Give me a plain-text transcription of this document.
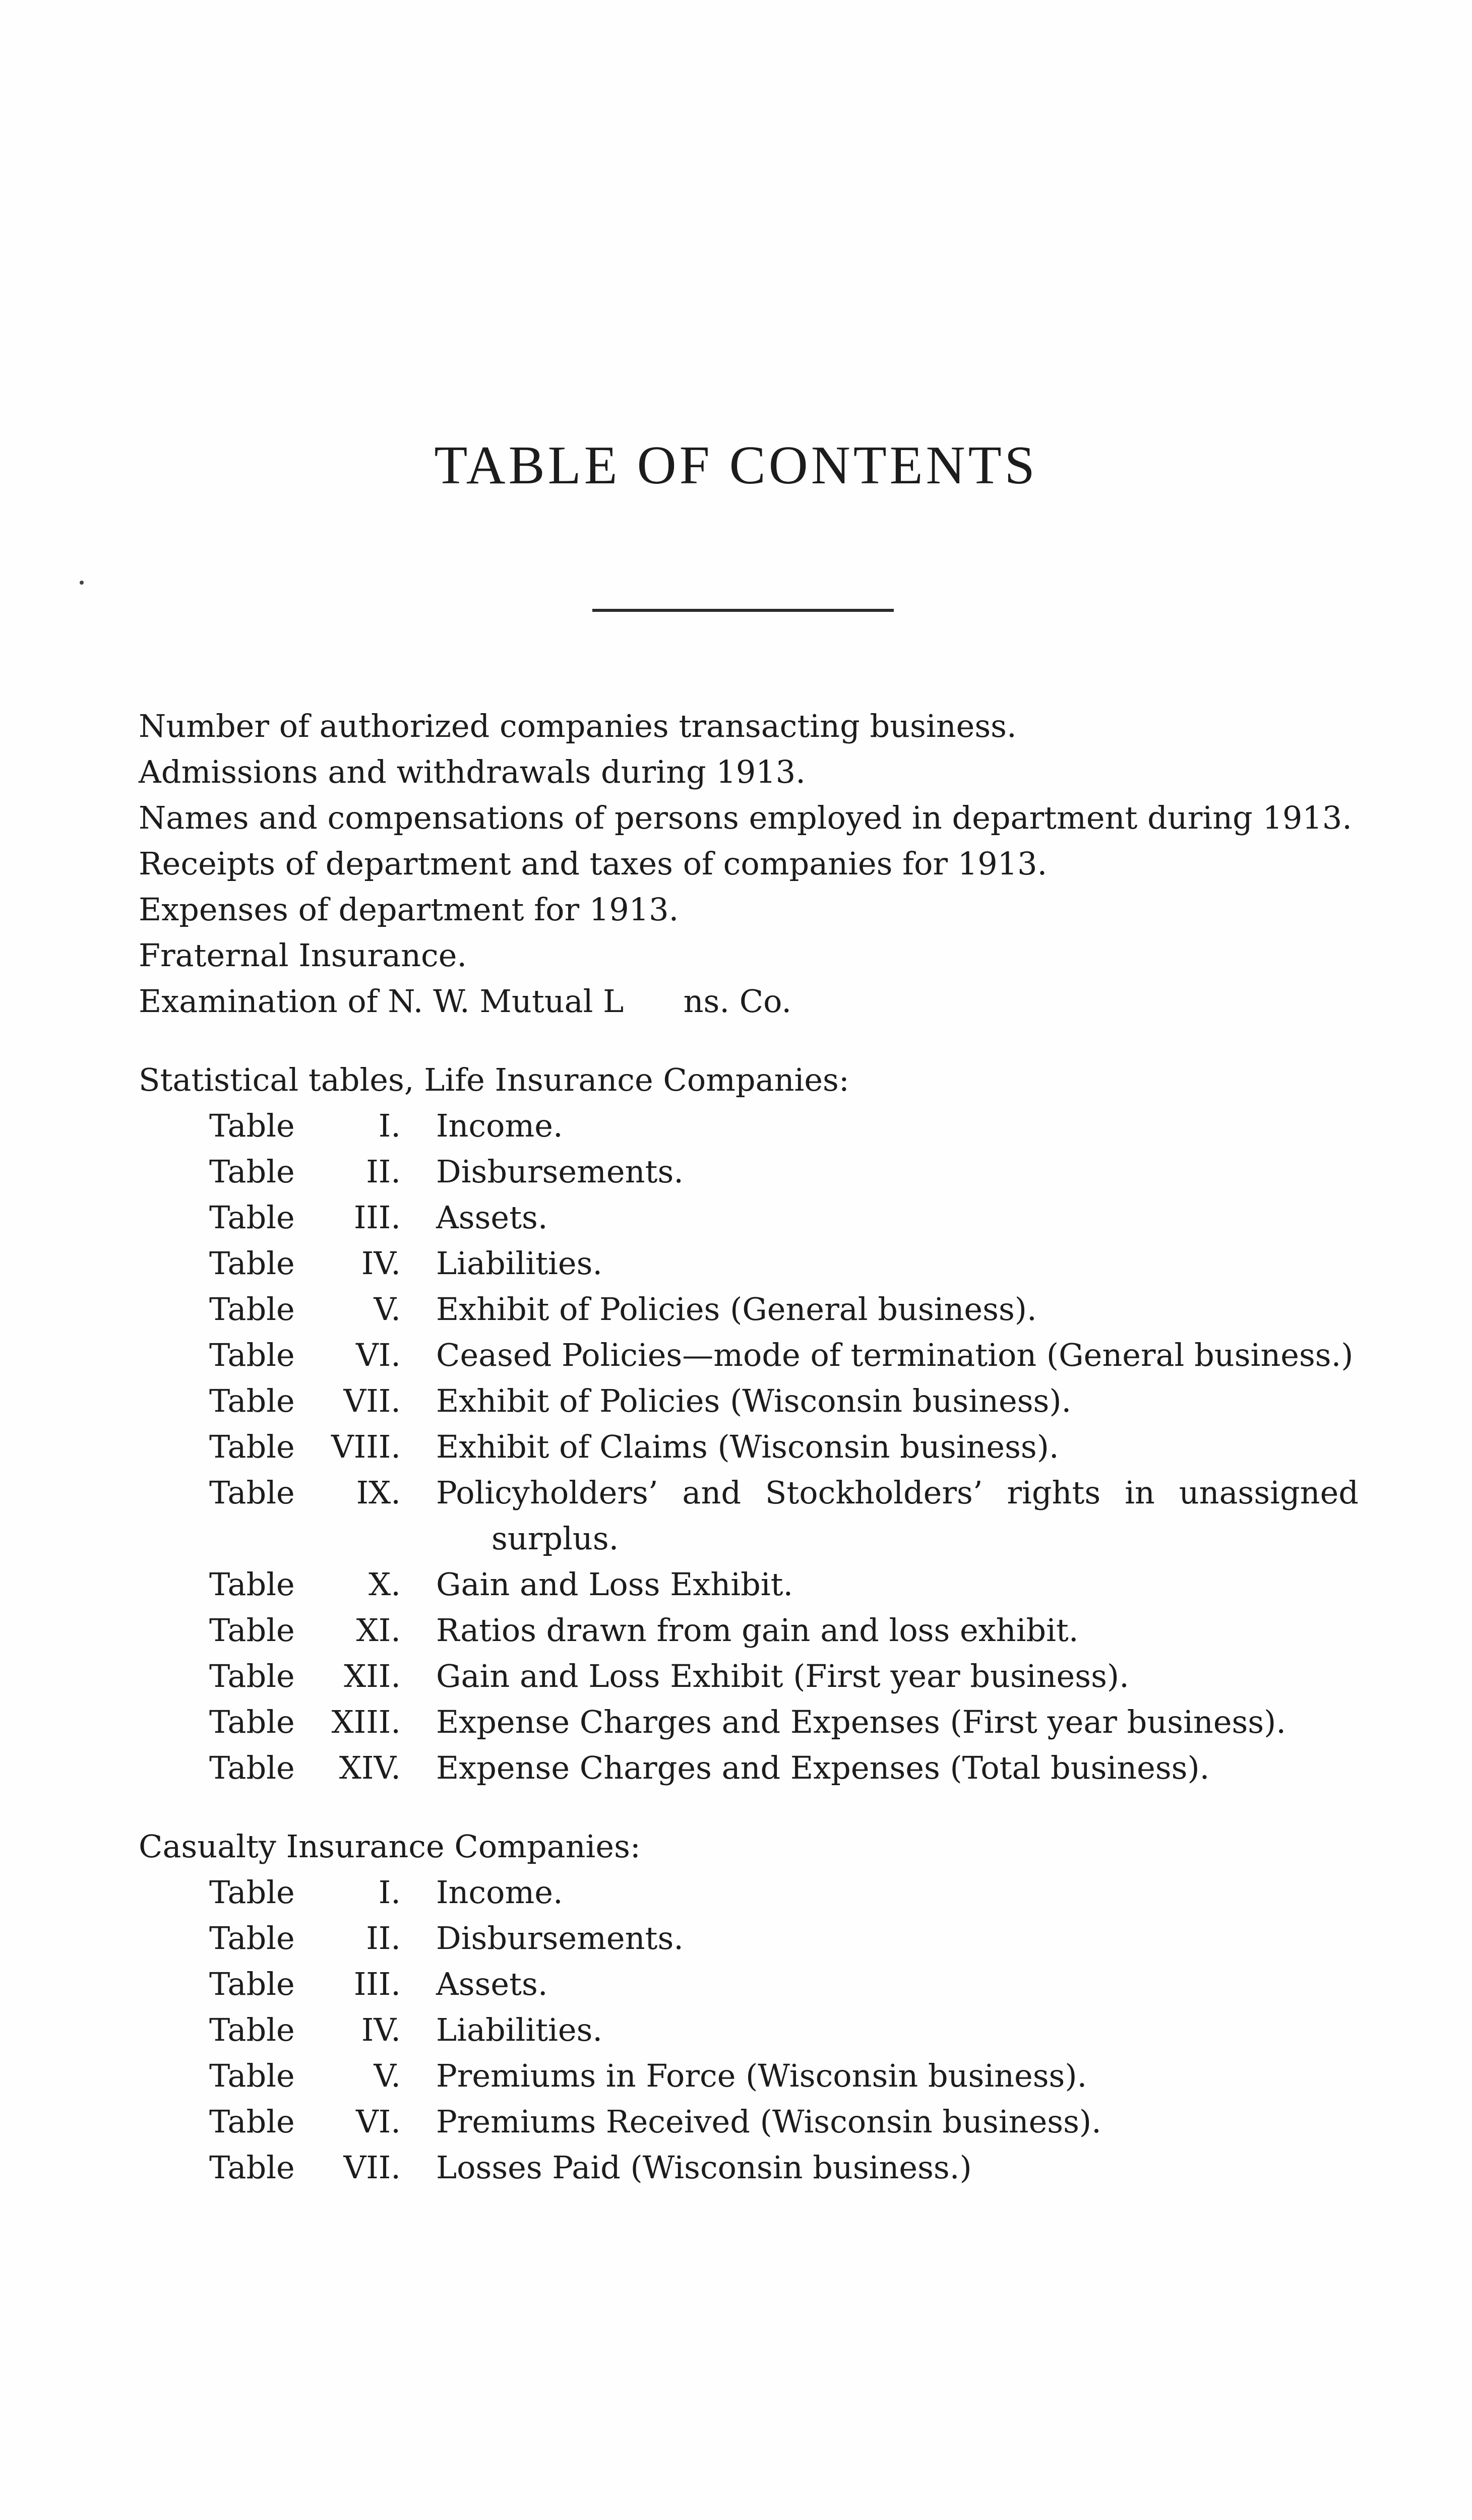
TABLE OF CONTENTS
Number of authorized companies transacting business.
Admissions and withdrawals during 1913.
Names and compensations of persons employed in department during 1913.
Receipts of department and taxes of companies for 1913.
Expenses of department for 1913.
Fraternal Insurance.
Examination of N. W. Mutual L      ns. Co.
Statistical tables, Life Insurance Companies:
Table	I.	Income.
Table	II.	Disbursements.
Table	III.	Assets.
Table	IV.	Liabilities.
Table	V.	Exhibit of Policies (General business).
Table	VI.	Ceased Policies—mode of termination (General business.)
Table	VII.	Exhibit of Policies (Wisconsin business).
Table	VIII.	Exhibit of Claims (Wisconsin business).
Table	IX.	Policyholders’ and Stockholders’ rights in unassigned surplus.
Table	X.	Gain and Loss Exhibit.
Table	XI.	Ratios drawn from gain and loss exhibit.
Table	XII.	Gain and Loss Exhibit (First year business).
Table	XIII.	Expense Charges and Expenses (First year business).
Table	XIV.	Expense Charges and Expenses (Total business).
Casualty Insurance Companies:
Table	I.	Income.
Table	II.	Disbursements.
Table	III.	Assets.
Table	IV.	Liabilities.
Table	V.	Premiums in Force (Wisconsin business).
Table	VI.	Premiums Received (Wisconsin business).
Table	VII.	Losses Paid (Wisconsin business.)
